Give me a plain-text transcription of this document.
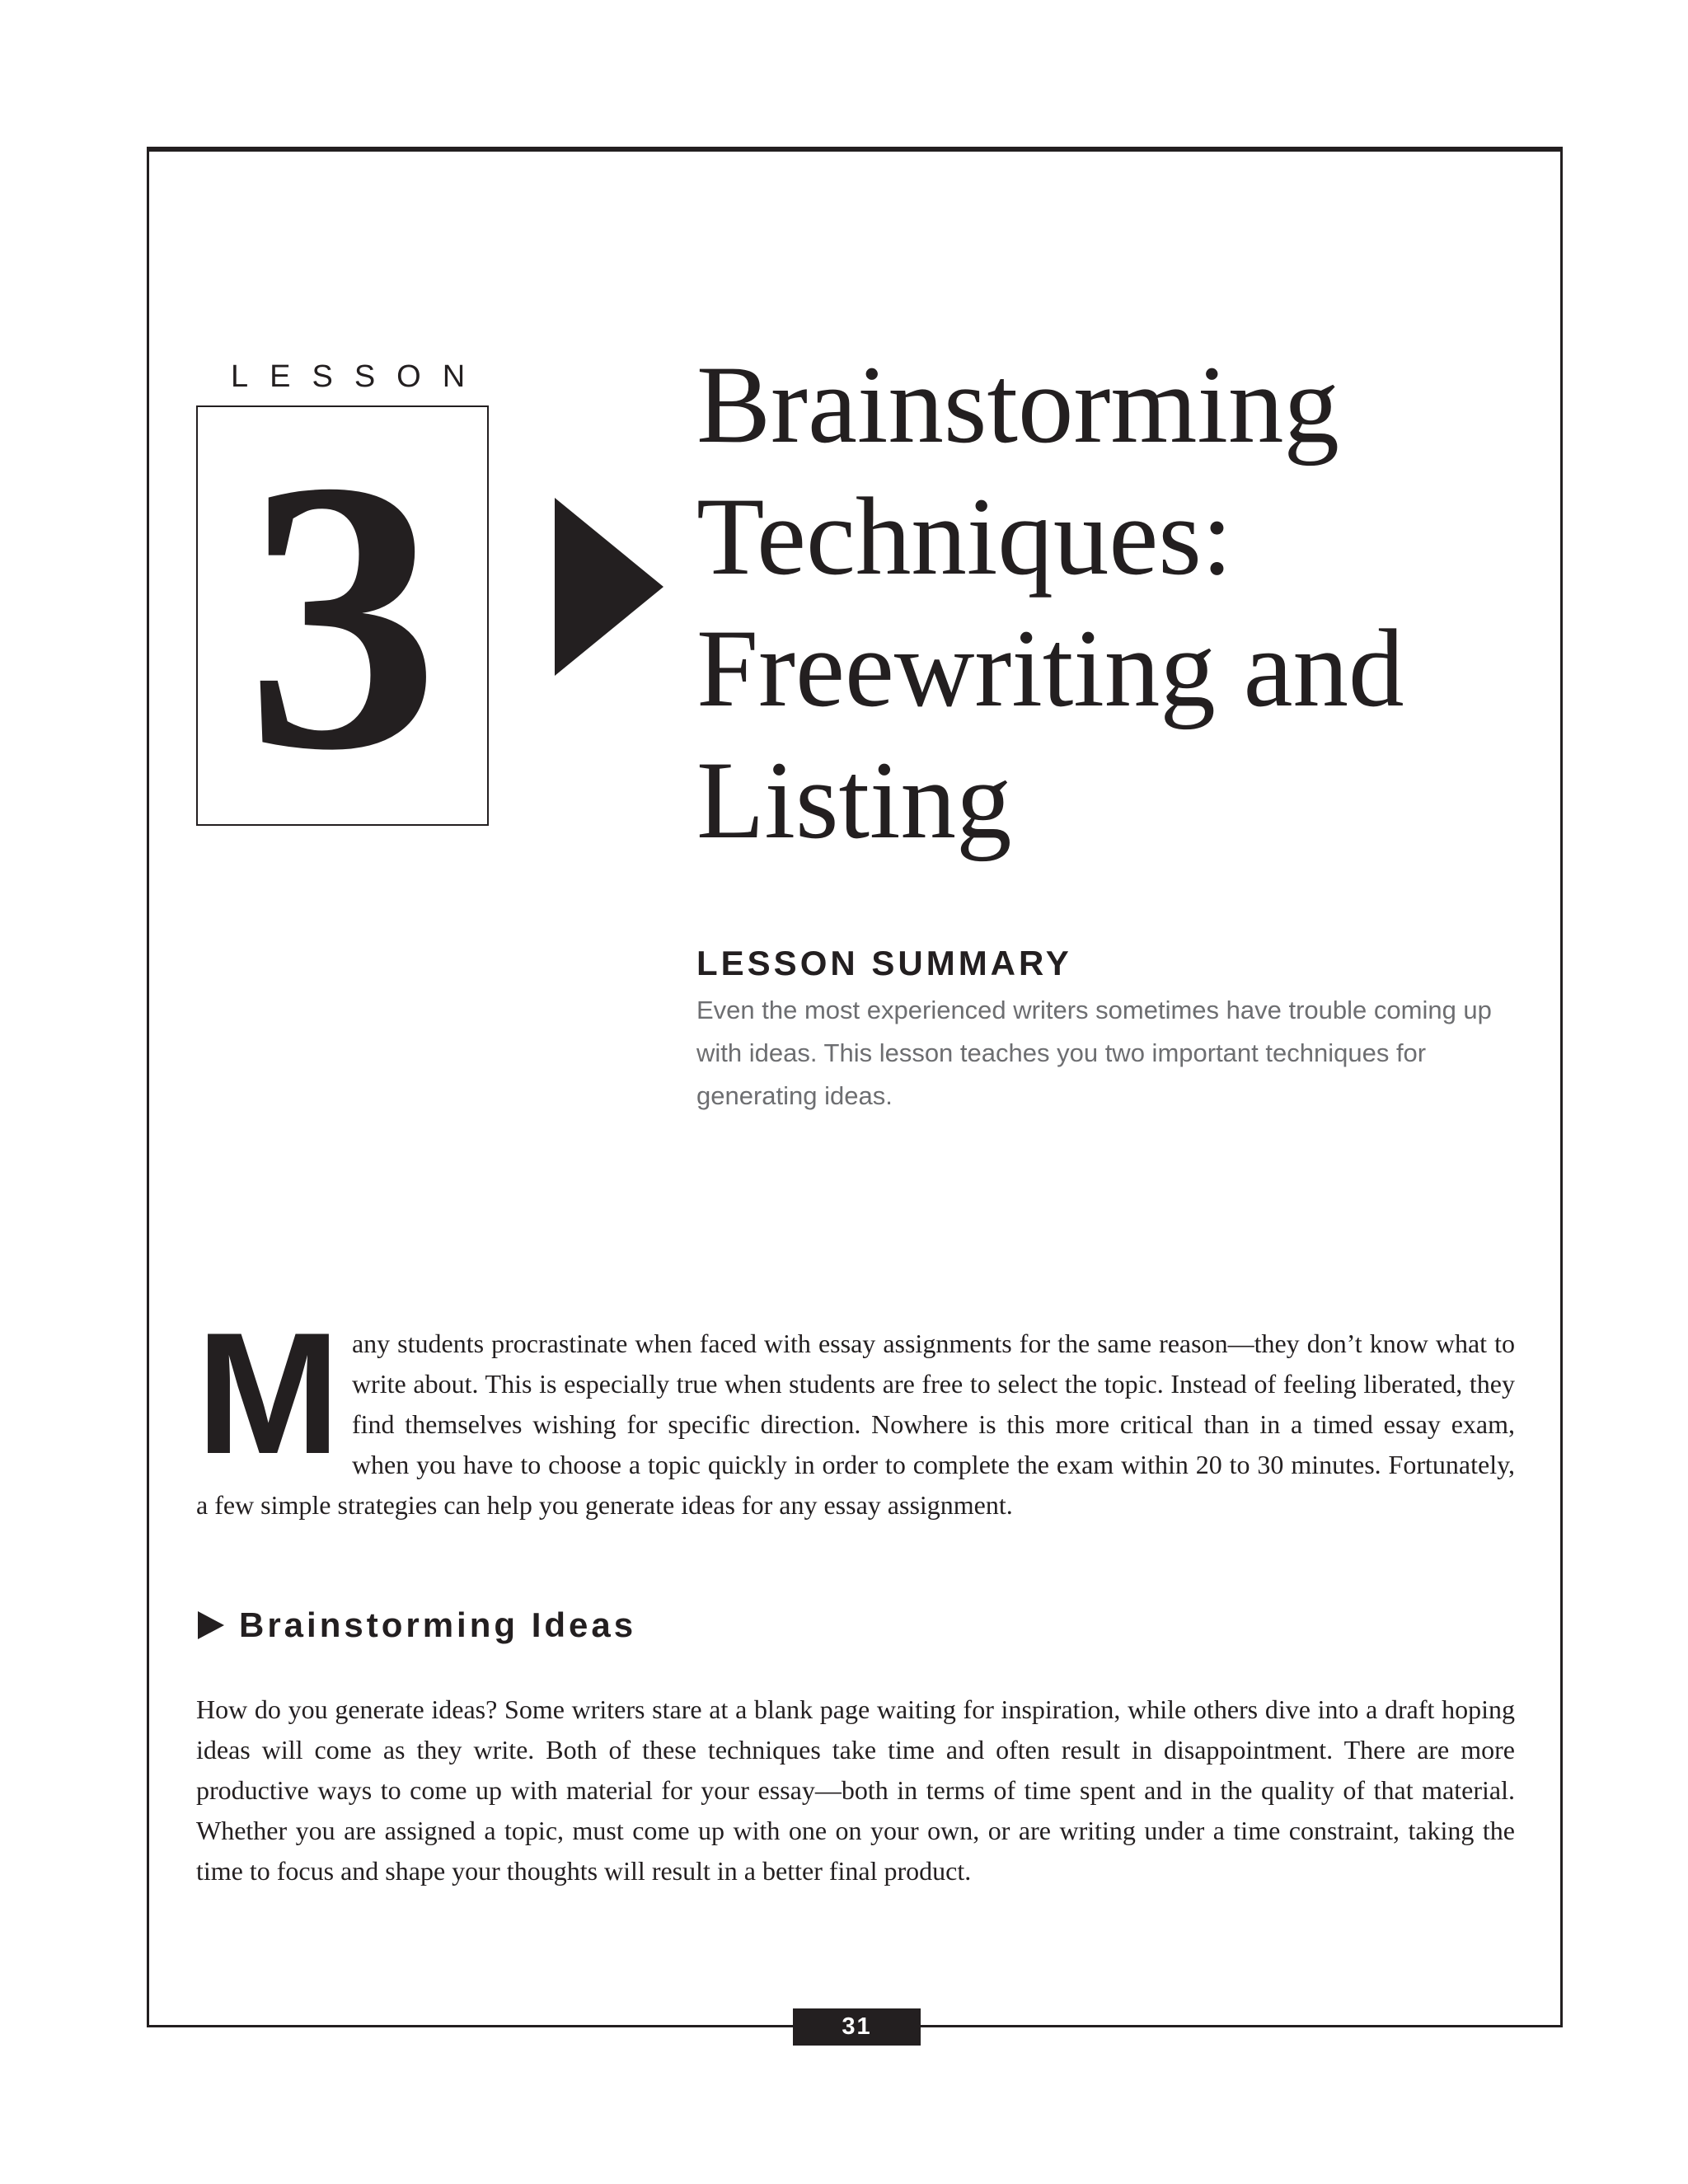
LESSON
3	Brainstorming Techniques: Freewriting and Listing
LESSON SUMMARY
Even the most experienced writers sometimes have trouble coming up with ideas. This lesson teaches you two important techniques for generating ideas.

M any students procrastinate when faced with essay assignments for the same reason—they don’t know what to write about. This is especially true when students are free to select the topic. Instead of feeling liberated, they find themselves wishing for specific direction. Nowhere is this more critical than in a timed essay exam, when you have to choose a topic quickly in order to complete the exam within 20 to 30 minutes. Fortunately, a few simple strategies can help you generate ideas for any essay assignment.

Brainstorming Ideas

How do you generate ideas? Some writers stare at a blank page waiting for inspiration, while others dive into a draft hoping ideas will come as they write. Both of these techniques take time and often result in disappointment. There are more productive ways to come up with material for your essay—both in terms of time spent and in the quality of that material. Whether you are assigned a topic, must come up with one on your own, or are writing under a time constraint, taking the time to focus and shape your thoughts will result in a better final product.

31
